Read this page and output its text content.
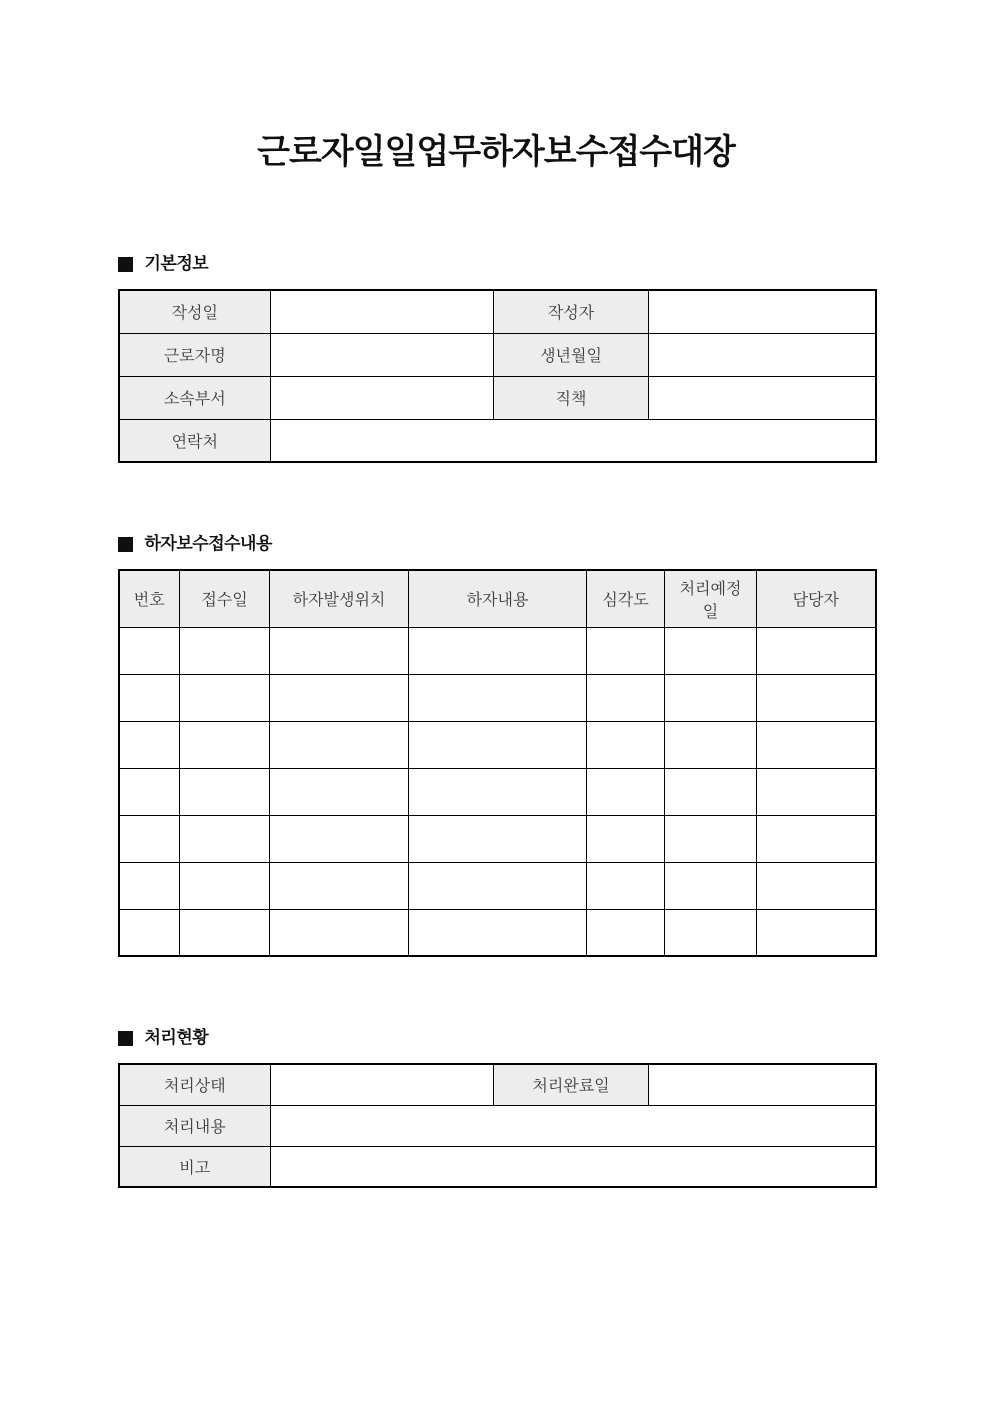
근로자일일업무하자보수접수대장
기본정보
작성일		작성자	
근로자명		생년월일	
소속부서		직책	
연락처			
하자보수접수내용
번호	접수일	하자발생위치	하자내용	심각도	처리예정일	담당자

처리현황
처리상태		처리완료일	
처리내용			
비고			
